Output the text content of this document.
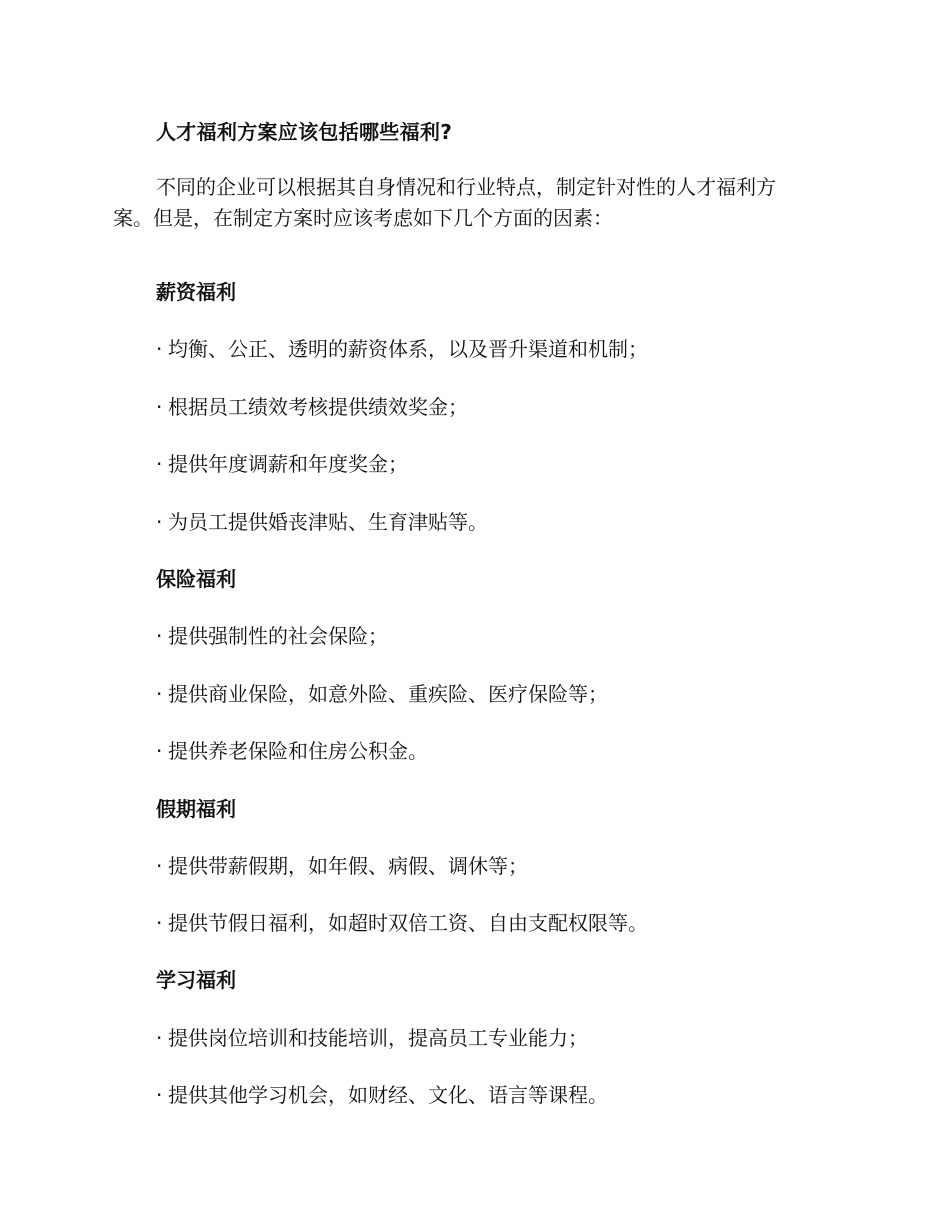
人才福利方案应该包括哪些福利?
不同的企业可以根据其自身情况和行业特点，制定针对性的人才福利方
案。但是，在制定方案时应该考虑如下几个方面的因素：
薪资福利
· 均衡、公正、透明的薪资体系，以及晋升渠道和机制；
· 根据员工绩效考核提供绩效奖金；
· 提供年度调薪和年度奖金；
· 为员工提供婚丧津贴、生育津贴等。
保险福利
· 提供强制性的社会保险；
· 提供商业保险，如意外险、重疾险、医疗保险等；
· 提供养老保险和住房公积金。
假期福利
· 提供带薪假期，如年假、病假、调休等；
· 提供节假日福利，如超时双倍工资、自由支配权限等。
学习福利
· 提供岗位培训和技能培训，提高员工专业能力；
· 提供其他学习机会，如财经、文化、语言等课程。
